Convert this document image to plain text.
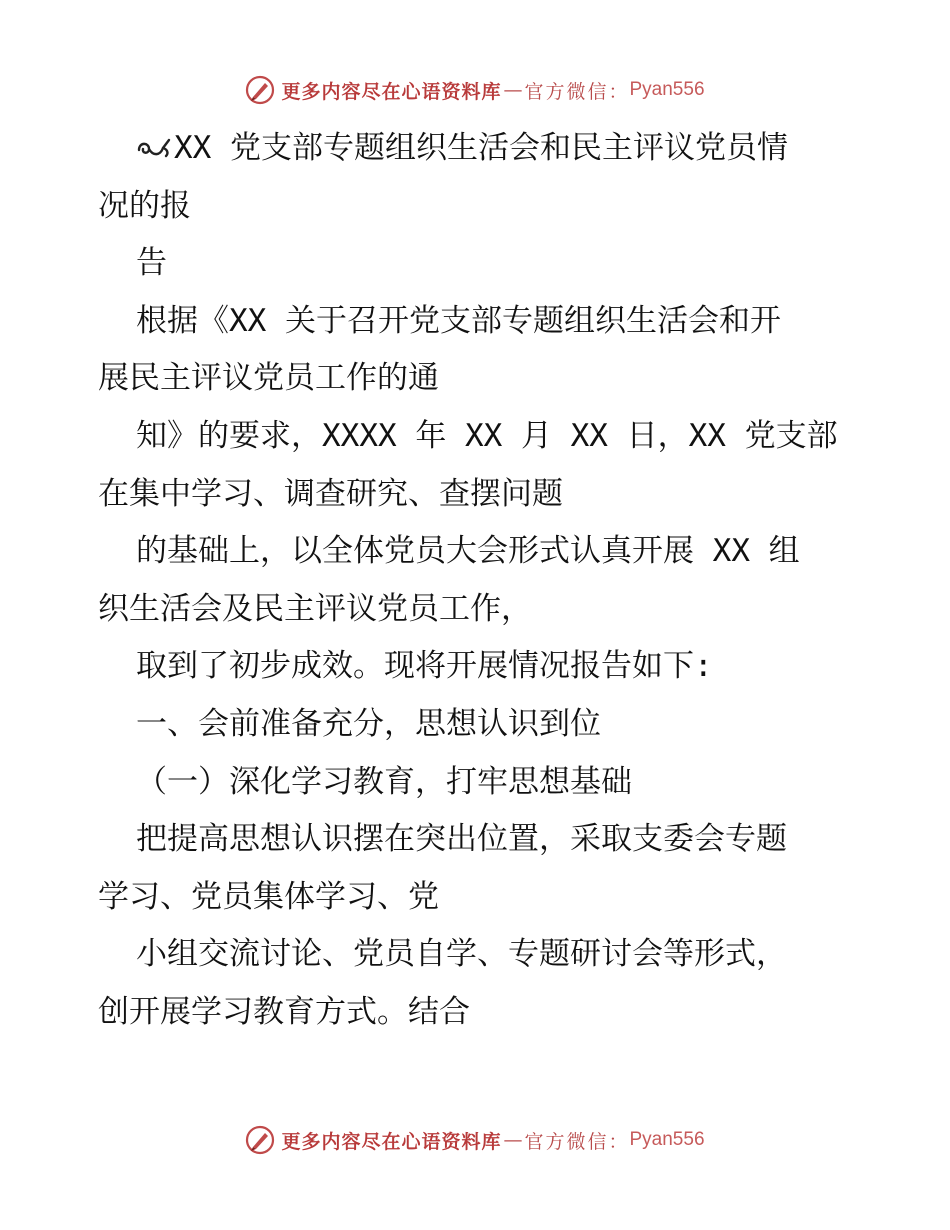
更多内容尽在心语资料库 — 官方微信： Pyan556
XX 党支部专题组织生活会和民主评议党员情
况的报
告
根据《XX 关于召开党支部专题组织生活会和开
展民主评议党员工作的通
知》的要求，XXXX 年 XX 月 XX 日，XX 党支部
在集中学习、调查研究、查摆问题
的基础上，以全体党员大会形式认真开展 XX 组
织生活会及民主评议党员工作，
取到了初步成效。现将开展情况报告如下:
一、会前准备充分，思想认识到位
（一）深化学习教育，打牢思想基础
把提高思想认识摆在突出位置，采取支委会专题
学习、党员集体学习、党
小组交流讨论、党员自学、专题研讨会等形式，
创开展学习教育方式。结合
更多内容尽在心语资料库 — 官方微信： Pyan556
